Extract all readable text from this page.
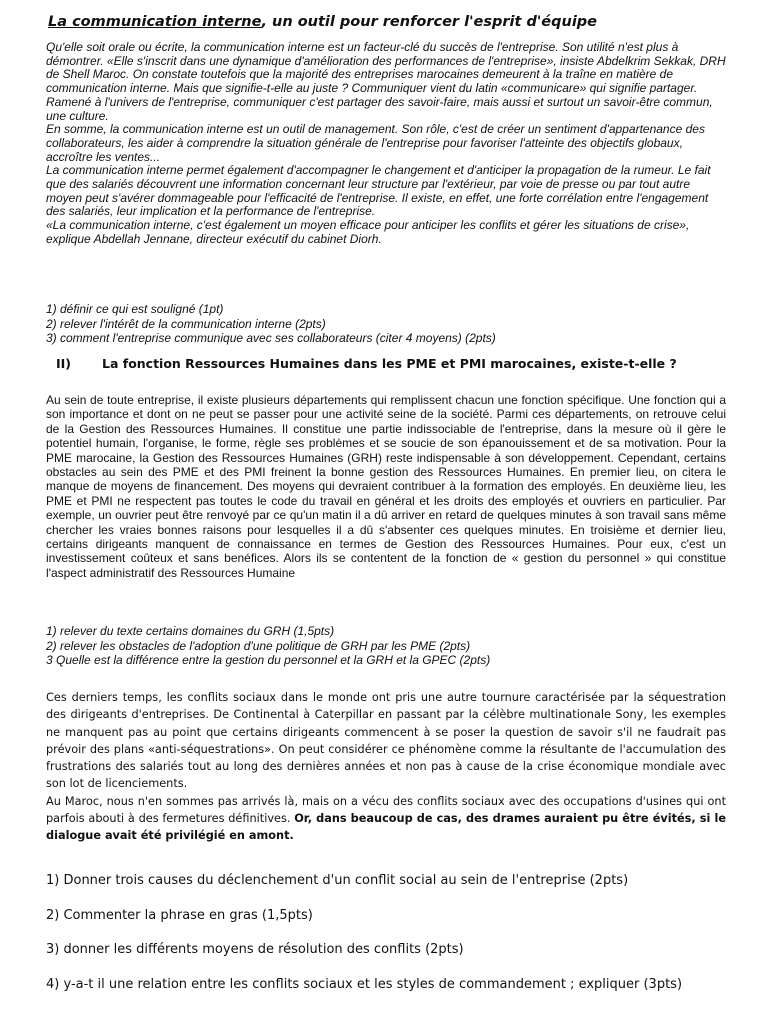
La communication interne, un outil pour renforcer l'esprit d'équipe

Qu'elle soit orale ou écrite, la communication interne est un facteur-clé du succès de l'entreprise. Son utilité n'est plus à démontrer. «Elle s'inscrit dans une dynamique d'amélioration des performances de l'entreprise», insiste Abdelkrim Sekkak, DRH de Shell Maroc. On constate toutefois que la majorité des entreprises marocaines demeurent à la traîne en matière de communication interne. Mais que signifie-t-elle au juste ? Communiquer vient du latin «communicare» qui signifie partager. Ramené à l'univers de l'entreprise, communiquer c'est partager des savoir-faire, mais aussi et surtout un savoir-être commun, une culture.

En somme, la communication interne est un outil de management. Son rôle, c'est de créer un sentiment d'appartenance des collaborateurs, les aider à comprendre la situation générale de l'entreprise pour favoriser l'atteinte des objectifs globaux, accroître les ventes...

La communication interne permet également d'accompagner le changement et d'anticiper la propagation de la rumeur. Le fait que des salariés découvrent une information concernant leur structure par l'extérieur, par voie de presse ou par tout autre moyen peut s'avérer dommageable pour l'efficacité de l'entreprise. Il existe, en effet, une forte corrélation entre l'engagement des salariés, leur implication et la performance de l'entreprise.

«La communication interne, c'est également un moyen efficace pour anticiper les conflits et gérer les situations de crise», explique Abdellah Jennane, directeur exécutif du cabinet Diorh.

1) définir ce qui est souligné (1pt)
2) relever l'intérêt de la communication interne (2pts)
3) comment l'entreprise communique avec ses collaborateurs (citer 4 moyens) (2pts)
II) La fonction Ressources Humaines dans les PME et PMI marocaines, existe-t-elle ?
Au sein de toute entreprise, il existe plusieurs départements qui remplissent chacun une fonction spécifique. Une fonction qui a son importance et dont on ne peut se passer pour une activité seine de la société. Parmi ces départements, on retrouve celui de la Gestion des Ressources Humaines. Il constitue une partie indissociable de l'entreprise, dans la mesure où il gère le potentiel humain, l'organise, le forme, règle ses problèmes et se soucie de son épanouissement et de sa motivation. Pour la PME marocaine, la Gestion des Ressources Humaines (GRH) reste indispensable à son développement. Cependant, certains obstacles au sein des PME et des PMI freinent la bonne gestion des Ressources Humaines. En premier lieu, on citera le manque de moyens de financement. Des moyens qui devraient contribuer à la formation des employés. En deuxième lieu, les PME et PMI ne respectent pas toutes le code du travail en général et les droits des employés et ouvriers en particulier. Par exemple, un ouvrier peut être renvoyé par ce qu'un matin il a dû arriver en retard de quelques minutes à son travail sans même chercher les vraies bonnes raisons pour lesquelles il a dû s'absenter ces quelques minutes. En troisième et dernier lieu, certains dirigeants manquent de connaissance en termes de Gestion des Ressources Humaines. Pour eux, c'est un investissement coûteux et sans benéfices. Alors ils se contentent de la fonction de « gestion du personnel » qui constitue l'aspect administratif des Ressources Humaine
1) relever du texte certains domaines du GRH (1,5pts)
2) relever les obstacles de l'adoption d'une politique de GRH par les PME (2pts)
3 Quelle est la différence entre la gestion du personnel et la GRH et la GPEC (2pts)

Ces derniers temps, les conflits sociaux dans le monde ont pris une autre tournure caractérisée par la séquestration des dirigeants d'entreprises. De Continental à Caterpillar en passant par la célèbre multinationale Sony, les exemples ne manquent pas au point que certains dirigeants commencent à se poser la question de savoir s'il ne faudrait pas prévoir des plans «anti-séquestrations». On peut considérer ce phénomène comme la résultante de l'accumulation des frustrations des salariés tout au long des dernières années et non pas à cause de la crise économique mondiale avec son lot de licenciements.

Au Maroc, nous n'en sommes pas arrivés là, mais on a vécu des conflits sociaux avec des occupations d'usines qui ont parfois abouti à des fermetures définitives. Or, dans beaucoup de cas, des drames auraient pu être évités, si le dialogue avait été privilégié en amont.

1) Donner trois causes du déclenchement d'un conflit social au sein de l'entreprise (2pts)
2) Commenter la phrase en gras (1,5pts)
3) donner les différents moyens de résolution des conflits (2pts)
4) y-a-t il une relation entre les conflits sociaux et les styles de commandement ; expliquer (3pts)
